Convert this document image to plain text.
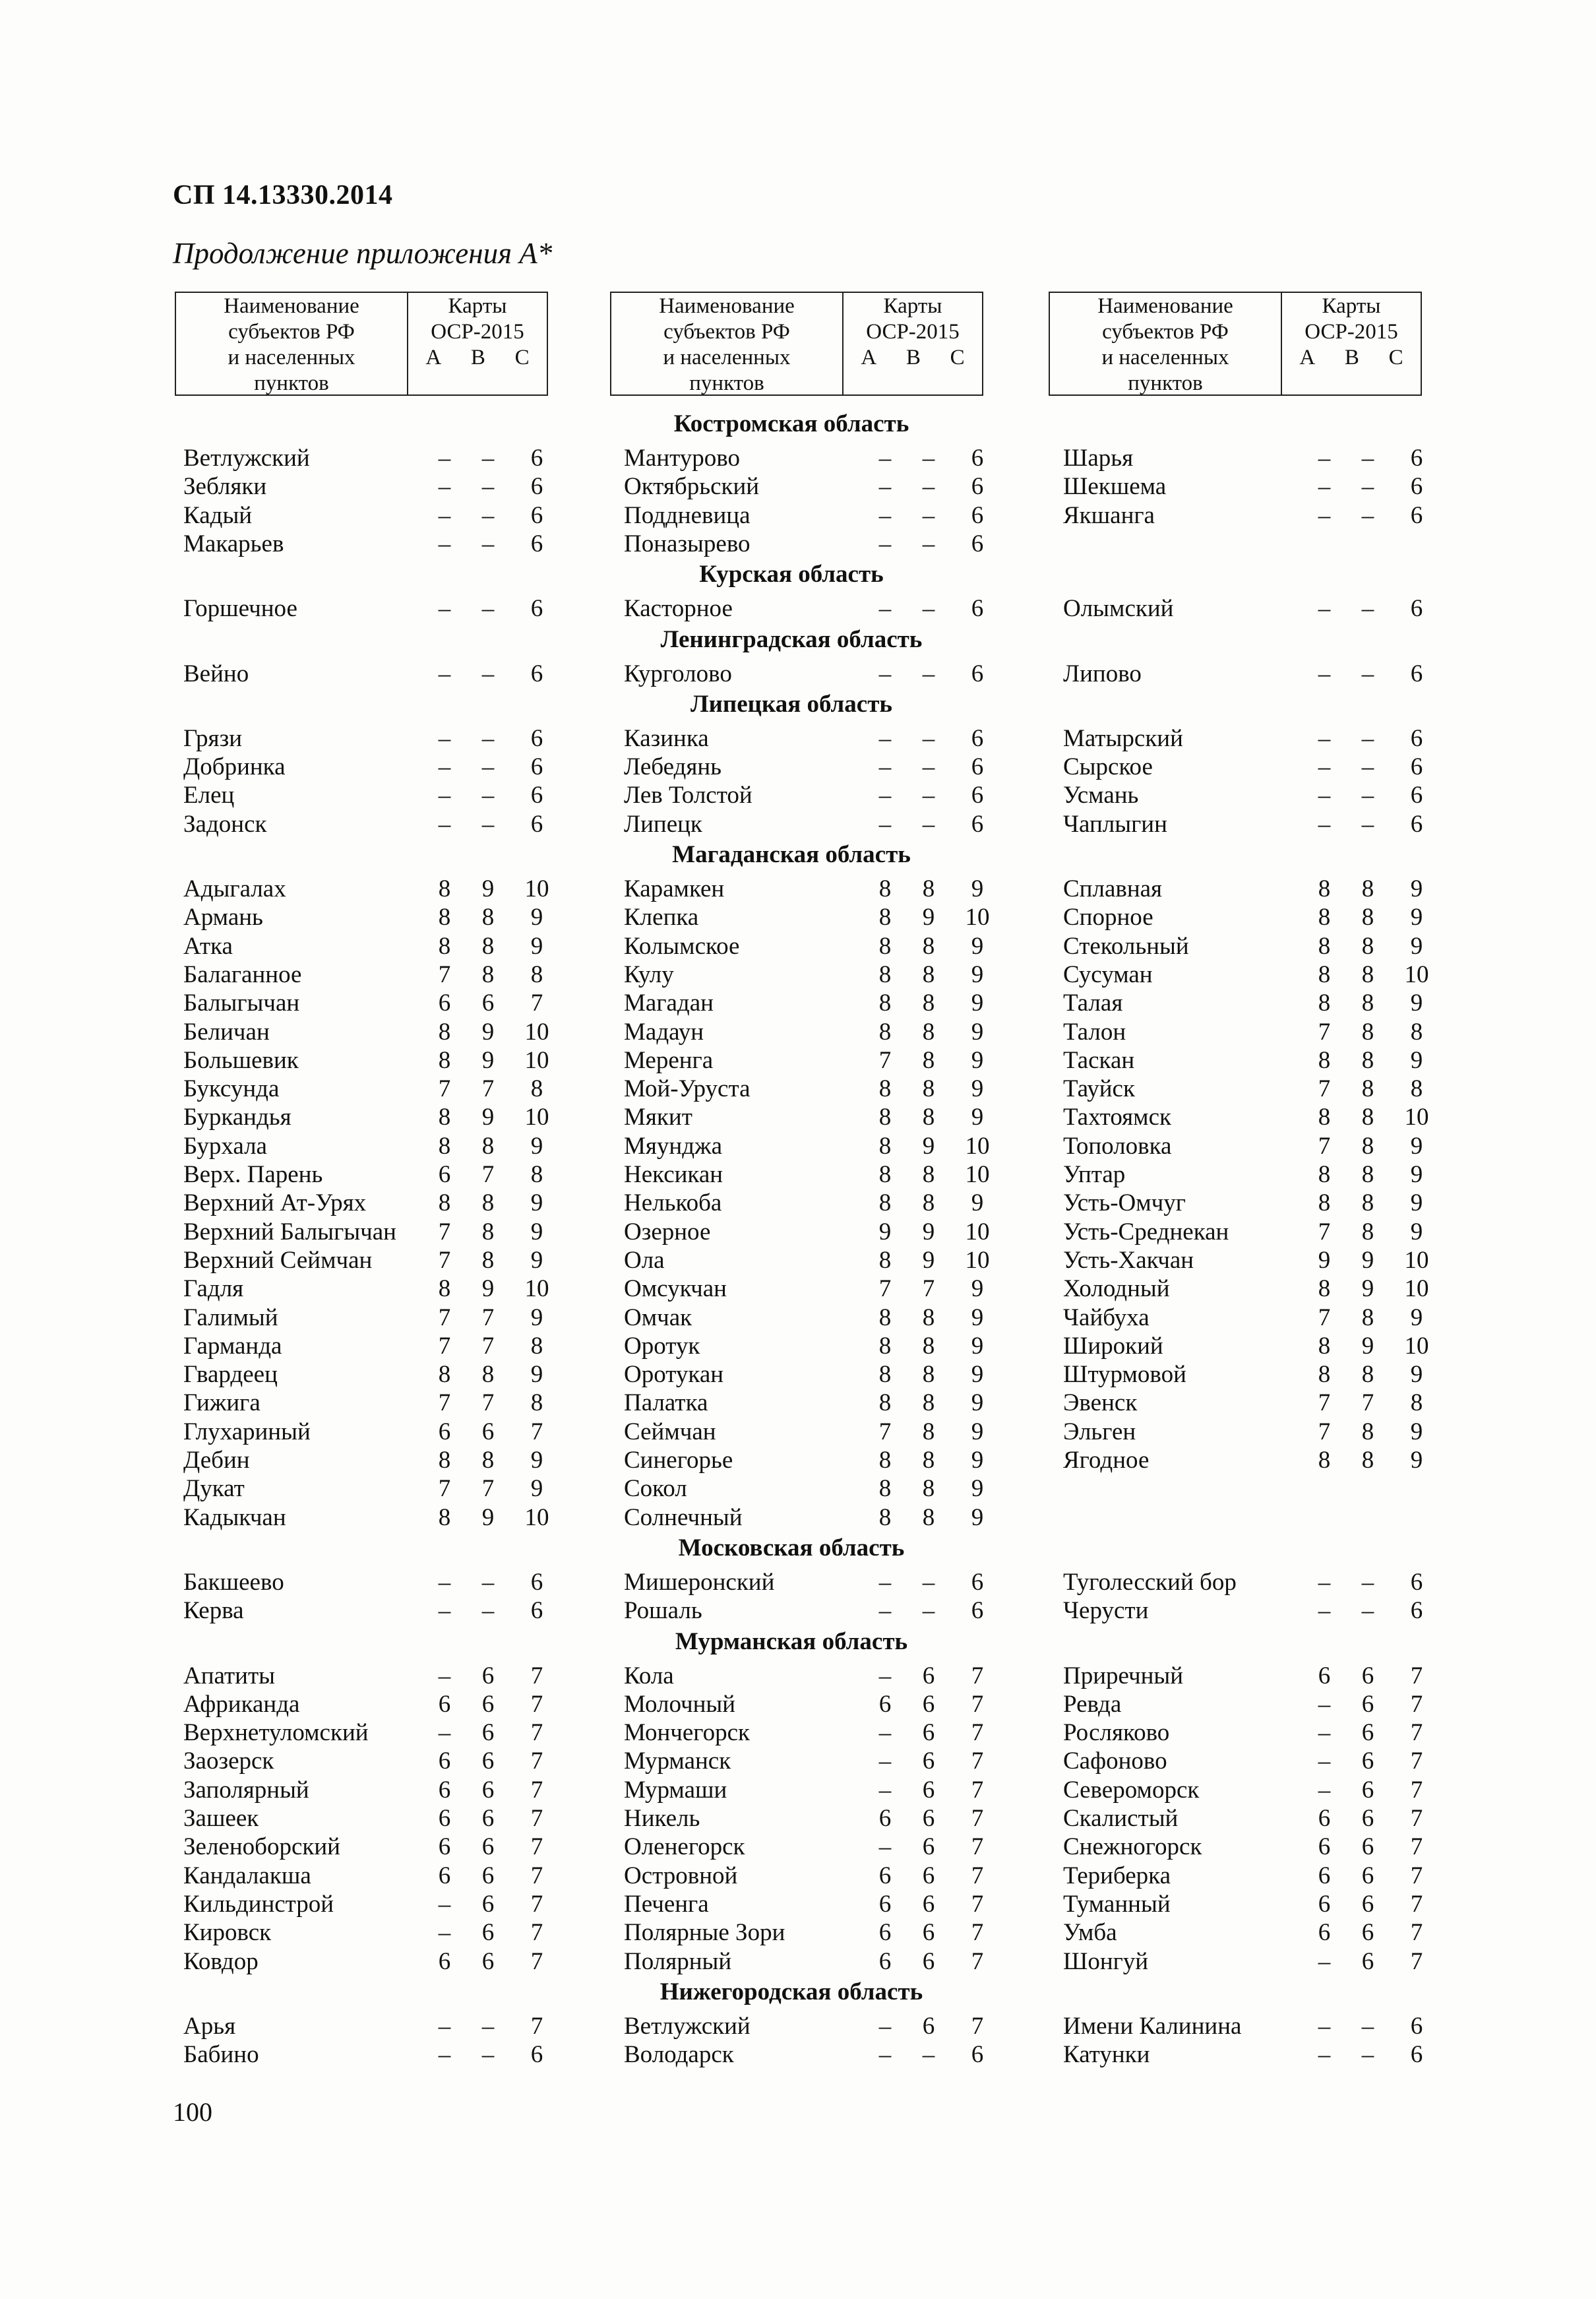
СП 14.13330.2014
Продолжение приложения А*
Наименование
субъектов РФ
и населенных
пунктов
Карты
ОСР-2015
A B C
Наименование
субъектов РФ
и населенных
пунктов
Карты
ОСР-2015
A B C
Наименование
субъектов РФ
и населенных
пунктов
Карты
ОСР-2015
A B C
Костромская область
Ветлужский	–	–	6	Мантурово	–	–	6	Шарья	–	–	6
Зебляки	–	–	6	Октябрьский	–	–	6	Шекшема	–	–	6
Кадый	–	–	6	Поддневица	–	–	6	Якшанга	–	–	6
Макарьев	–	–	6	Поназырево	–	–	6
Курская область
Горшечное	–	–	6	Касторное	–	–	6	Олымский	–	–	6
Ленинградская область
Вейно	–	–	6	Курголово	–	–	6	Липово	–	–	6
Липецкая область
Грязи	–	–	6	Казинка	–	–	6	Матырский	–	–	6
Добринка	–	–	6	Лебедянь	–	–	6	Сырское	–	–	6
Елец	–	–	6	Лев Толстой	–	–	6	Усмань	–	–	6
Задонск	–	–	6	Липецк	–	–	6	Чаплыгин	–	–	6
Магаданская область
Адыгалах	8	9	10	Карамкен	8	8	9	Сплавная	8	8	9
Армань	8	8	9	Клепка	8	9	10	Спорное	8	8	9
Атка	8	8	9	Колымское	8	8	9	Стекольный	8	8	9
Балаганное	7	8	8	Кулу	8	8	9	Сусуман	8	8	10
Балыгычан	6	6	7	Магадан	8	8	9	Талая	8	8	9
Беличан	8	9	10	Мадаун	8	8	9	Талон	7	8	8
Большевик	8	9	10	Меренга	7	8	9	Таскан	8	8	9
Буксунда	7	7	8	Мой-Уруста	8	8	9	Тауйск	7	8	8
Буркандья	8	9	10	Мякит	8	8	9	Тахтоямск	8	8	10
Бурхала	8	8	9	Мяунджа	8	9	10	Тополовка	7	8	9
Верх. Парень	6	7	8	Нексикан	8	8	10	Уптар	8	8	9
Верхний Ат-Урях	8	8	9	Нелькоба	8	8	9	Усть-Омчуг	8	8	9
Верхний Балыгычан	7	8	9	Озерное	9	9	10	Усть-Среднекан	7	8	9
Верхний Сеймчан	7	8	9	Ола	8	9	10	Усть-Хакчан	9	9	10
Гадля	8	9	10	Омсукчан	7	7	9	Холодный	8	9	10
Галимый	7	7	9	Омчак	8	8	9	Чайбуха	7	8	9
Гарманда	7	7	8	Оротук	8	8	9	Широкий	8	9	10
Гвардеец	8	8	9	Оротукан	8	8	9	Штурмовой	8	8	9
Гижига	7	7	8	Палатка	8	8	9	Эвенск	7	7	8
Глухариный	6	6	7	Сеймчан	7	8	9	Эльген	7	8	9
Дебин	8	8	9	Синегорье	8	8	9	Ягодное	8	8	9
Дукат	7	7	9	Сокол	8	8	9
Кадыкчан	8	9	10	Солнечный	8	8	9
Московская область
Бакшеево	–	–	6	Мишеронский	–	–	6	Туголесский бор	–	–	6
Керва	–	–	6	Рошаль	–	–	6	Черусти	–	–	6
Мурманская область
Апатиты	–	6	7	Кола	–	6	7	Приречный	6	6	7
Африканда	6	6	7	Молочный	6	6	7	Ревда	–	6	7
Верхнетуломский	–	6	7	Мончегорск	–	6	7	Росляково	–	6	7
Заозерск	6	6	7	Мурманск	–	6	7	Сафоново	–	6	7
Заполярный	6	6	7	Мурмаши	–	6	7	Североморск	–	6	7
Зашеек	6	6	7	Никель	6	6	7	Скалистый	6	6	7
Зеленоборский	6	6	7	Оленегорск	–	6	7	Снежногорск	6	6	7
Кандалакша	6	6	7	Островной	6	6	7	Териберка	6	6	7
Кильдинстрой	–	6	7	Печенга	6	6	7	Туманный	6	6	7
Кировск	–	6	7	Полярные Зори	6	6	7	Умба	6	6	7
Ковдор	6	6	7	Полярный	6	6	7	Шонгуй	–	6	7
Нижегородская область
Арья	–	–	7	Ветлужский	–	6	7	Имени Калинина	–	–	6
Бабино	–	–	6	Володарск	–	–	6	Катунки	–	–	6
100
